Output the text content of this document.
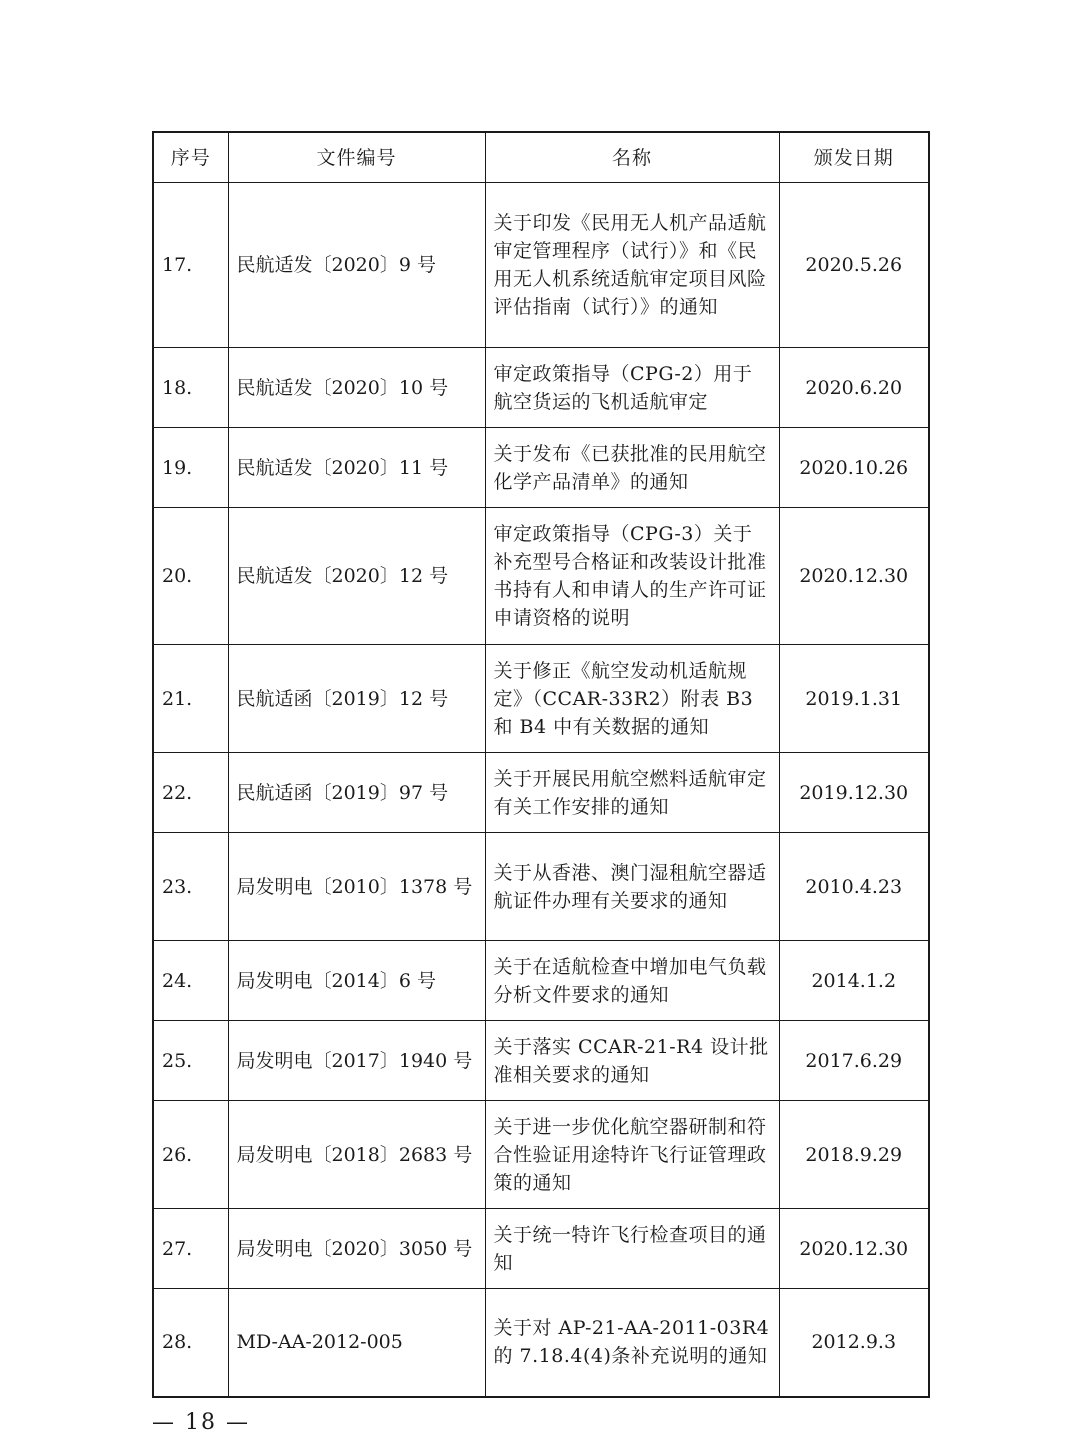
序号	文件编号	名称	颁发日期
17.	民航适发〔2020〕9 号	关于印发《民用无人机产品适航审定管理程序（试行）》和《民用无人机系统适航审定项目风险评估指南（试行）》的通知	2020.5.26
18.	民航适发〔2020〕10 号	审定政策指导（CPG-2）用于航空货运的飞机适航审定	2020.6.20
19.	民航适发〔2020〕11 号	关于发布《已获批准的民用航空化学产品清单》的通知	2020.10.26
20.	民航适发〔2020〕12 号	审定政策指导（CPG-3）关于补充型号合格证和改装设计批准书持有人和申请人的生产许可证申请资格的说明	2020.12.30
21.	民航适函〔2019〕12 号	关于修正《航空发动机适航规定》（CCAR-33R2）附表 B3 和 B4 中有关数据的通知	2019.1.31
22.	民航适函〔2019〕97 号	关于开展民用航空燃料适航审定有关工作安排的通知	2019.12.30
23.	局发明电〔2010〕1378 号	关于从香港、澳门湿租航空器适航证件办理有关要求的通知	2010.4.23
24.	局发明电〔2014〕6 号	关于在适航检查中增加电气负载分析文件要求的通知	2014.1.2
25.	局发明电〔2017〕1940 号	关于落实 CCAR-21-R4 设计批准相关要求的通知	2017.6.29
26.	局发明电〔2018〕2683 号	关于进一步优化航空器研制和符合性验证用途特许飞行证管理政策的通知	2018.9.29
27.	局发明电〔2020〕3050 号	关于统一特许飞行检查项目的通知	2020.12.30
28.	MD-AA-2012-005	关于对 AP-21-AA-2011-03R4 的 7.18.4(4)条补充说明的通知	2012.9.3
— 18 —
